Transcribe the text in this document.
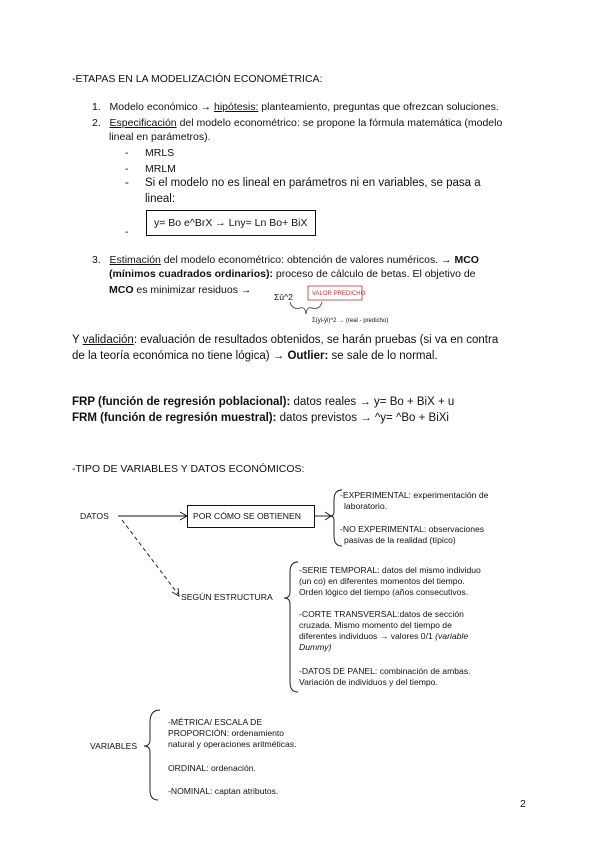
-ETAPAS EN LA MODELIZACIÓN ECONOMÉTRICA:
1. Modelo económico → hipótesis: planteamiento, preguntas que ofrezcan soluciones.
2. Especificación del modelo econométrico: se propone la fórmula matemática (modelo
lineal en parámetros).
- MRLS
- MRLM
- Si el modelo no es lineal en parámetros ni en variables, se pasa a
lineal:
y= Bo e^BrX → Lny= Ln Bo+ BiX
-
3. Estimación del modelo econométrico: obtención de valores numéricos. → MCO
(mínimos cuadrados ordinarios): proceso de cálculo de betas. El objetivo de
MCO es minimizar residuos →
Σû^2	VALOR PREDICHO
Σ(yi-ŷi)^2 → (real - predicho)
Y validación: evaluación de resultados obtenidos, se harán pruebas (si va en contra
de la teoría económica no tiene lógica) → Outlier: se sale de lo normal.
FRP (función de regresión poblacional): datos reales → y= Bo + BiX + u
FRM (función de regresión muestral): datos previstos → ^y= ^Bo + BiXi
-TIPO DE VARIABLES Y DATOS ECONÓMICOS:
DATOS	POR CÓMO SE OBTIENEN
-EXPERIMENTAL: experimentación de
laboratorio.
-NO EXPERIMENTAL: observaciones
pasivas de la realidad (típico)
SEGÚN ESTRUCTURA
-SERIE TEMPORAL: datos del mismo individuo
(un co) en diferentes momentos del tiempo.
Orden lógico del tiempo (años consecutivos.
-CORTE TRANSVERSAL:datos de sección
cruzada. Mismo momento del tiempo de
diferentes individuos → valores 0/1 (variable
Dummy)
-DATOS DE PANEL: combinación de ambas.
Variación de individuos y del tiempo.
VARIABLES
-MÉTRICA/ ESCALA DE
PROPORCIÓN: ordenamiento
natural y operaciones aritméticas.
ORDINAL: ordenación.
-NOMINAL: captan atributos.
2
